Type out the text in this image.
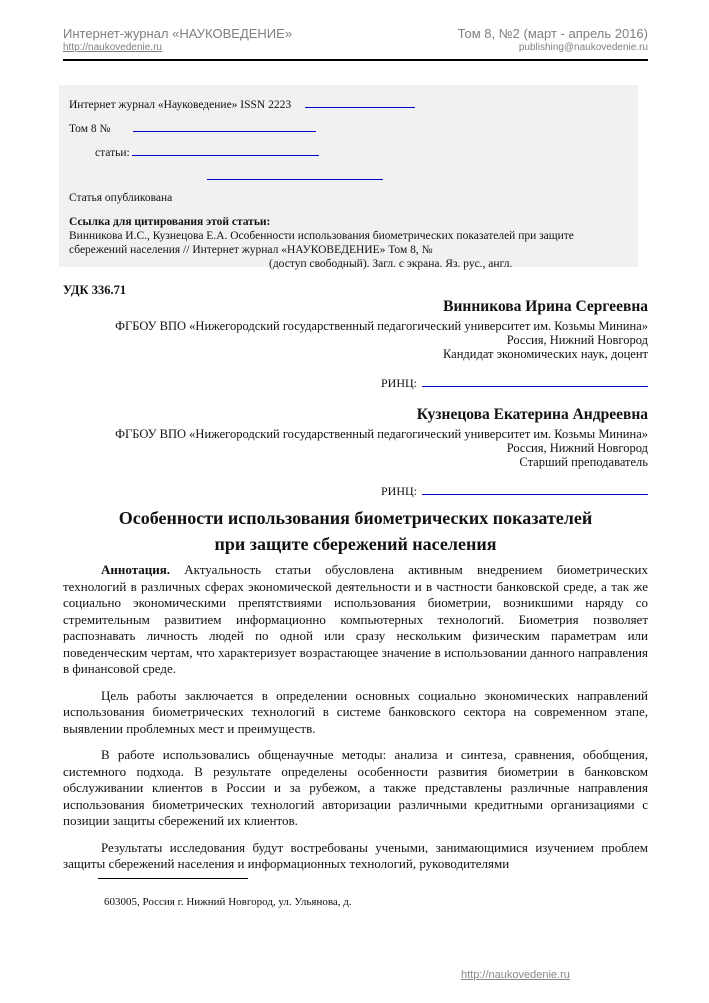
Интернет-журнал «НАУКОВЕДЕНИЕ»
http://naukovedenie.ru
Том 8, №2 (март - апрель 2016)
publishing@naukovedenie.ru
Интернет журнал «Науковедение» ISSN 2223
Том 8 №
статьи:
Статья опубликована
Ссылка для цитирования этой статьи:
Винникова И.С., Кузнецова Е.А. Особенности использования биометрических показателей при защите сбережений населения // Интернет журнал «НАУКОВЕДЕНИЕ» Том 8, №
(доступ свободный). Загл. с экрана. Яз. рус., англ.
УДК 336.71
Винникова Ирина Сергеевна
ФГБОУ ВПО «Нижегородский государственный педагогический университет им. Козьмы Минина»
Россия, Нижний Новгород
Кандидат экономических наук, доцент
РИНЦ:
Кузнецова Екатерина Андреевна
ФГБОУ ВПО «Нижегородский государственный педагогический университет им. Козьмы Минина»
Россия, Нижний Новгород
Старший преподаватель
РИНЦ:
Особенности использования биометрических показателей
при защите сбережений населения

Аннотация. Актуальность статьи обусловлена активным внедрением биометрических технологий в различных сферах экономической деятельности и в частности банковской среде, а так же социально экономическими препятствиями использования биометрии, возникшими наряду со стремительным развитием информационно компьютерных технологий. Биометрия позволяет распознавать личность людей по одной или сразу нескольким физическим параметрам или поведенческим чертам, что характеризует возрастающее значение в использовании данного направления в финансовой среде.

Цель работы заключается в определении основных социально экономических направлений использования биометрических технологий в системе банковского сектора на современном этапе, выявлении проблемных мест и преимуществ.

В работе использовались общенаучные методы: анализа и синтеза, сравнения, обобщения, системного подхода. В результате определены особенности развития биометрии в банковском обслуживании клиентов в России и за рубежом, а также представлены различные направления использования биометрических технологий авторизации различными кредитными организациями с позиции защиты сбережений их клиентов.

Результаты исследования будут востребованы учеными, занимающимися изучением проблем защиты сбережений населения и информационных технологий, руководителями

603005, Россия г. Нижний Новгород, ул. Ульянова, д.
http://naukovedenie.ru
